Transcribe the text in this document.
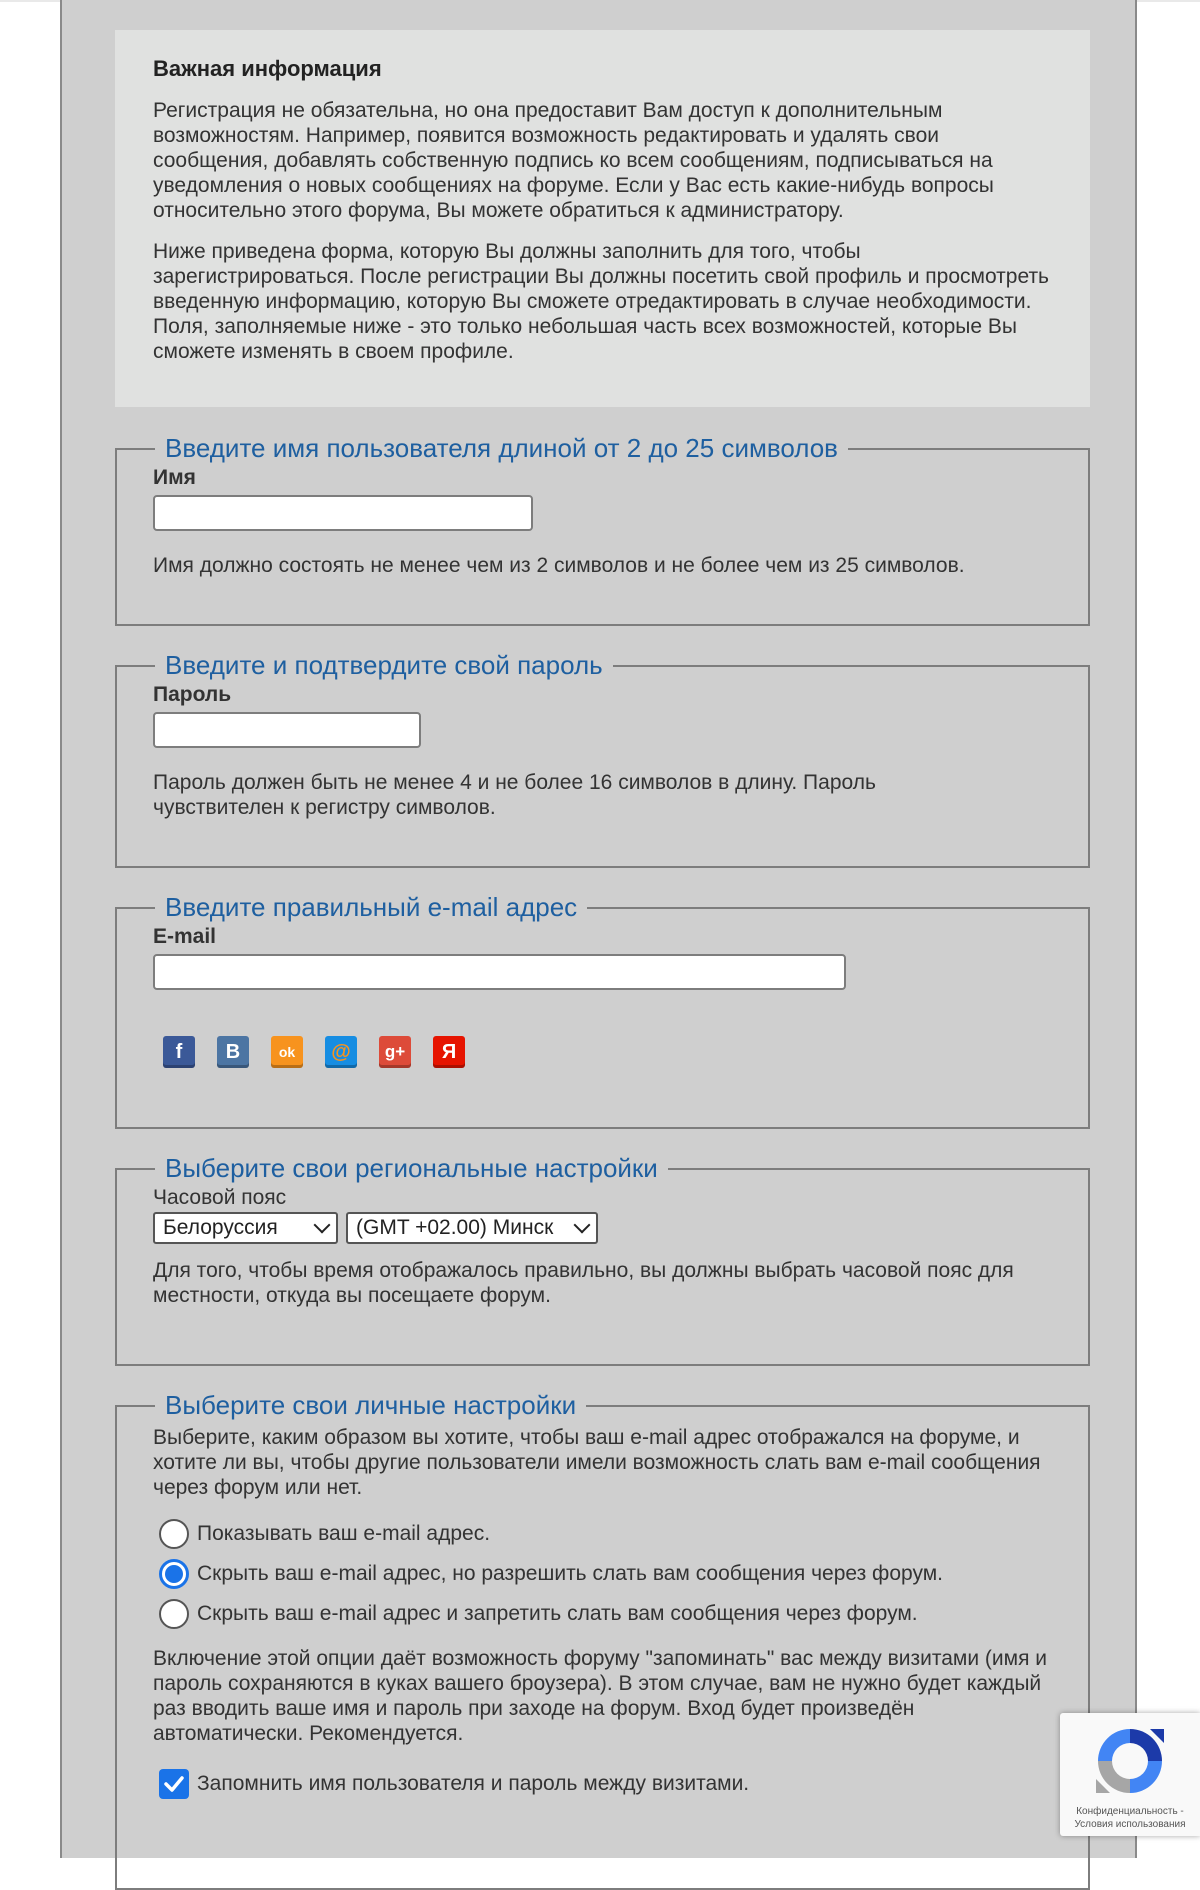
Важная информация

Регистрация не обязательна, но она предоставит Вам доступ к дополнительным возможностям. Например, появится возможность редактировать и удалять свои сообщения, добавлять собственную подпись ко всем сообщениям, подписываться на уведомления о новых сообщениях на форуме. Если у Вас есть какие-нибудь вопросы относительно этого форума, Вы можете обратиться к администратору.

Ниже приведена форма, которую Вы должны заполнить для того, чтобы зарегистрироваться. После регистрации Вы должны посетить свой профиль и просмотреть введенную информацию, которую Вы сможете отредактировать в случае необходимости. Поля, заполняемые ниже - это только небольшая часть всех возможностей, которые Вы сможете изменять в своем профиле.

Введите имя пользователя длиной от 2 до 25 символов
Имя
Имя должно состоять не менее чем из 2 символов и не более чем из 25 символов.
Введите и подтвердите свой пароль
Пароль
Пароль должен быть не менее 4 и не более 16 символов в длину. Пароль чувствителен к регистру символов.
Введите правильный e-mail адрес
E-mail
f В	ok @ g+ Я
Выберите свои региональные настройки
Часовой пояс
Белоруссия	(GMT +02.00) Минск
Для того, чтобы время отображалось правильно, вы должны выбрать часовой пояс для местности, откуда вы посещаете форум.
Выберите свои личные настройки
Выберите, каким образом вы хотите, чтобы ваш e-mail адрес отображался на форуме, и хотите ли вы, чтобы другие пользователи имели возможность слать вам e-mail сообщения через форум или нет.
Показывать ваш e-mail адрес.
Скрыть ваш e-mail адрес, но разрешить слать вам сообщения через форум.
Скрыть ваш e-mail адрес и запретить слать вам сообщения через форум.
Включение этой опции даёт возможность форуму "запоминать" вас между визитами (имя и пароль сохраняются в куках вашего броузера). В этом случае, вам не нужно будет каждый раз вводить ваше имя и пароль при заходе на форум. Вход будет произведён автоматически. Рекомендуется.
Запомнить имя пользователя и пароль между визитами.
Конфиденциальность -
Условия использования
